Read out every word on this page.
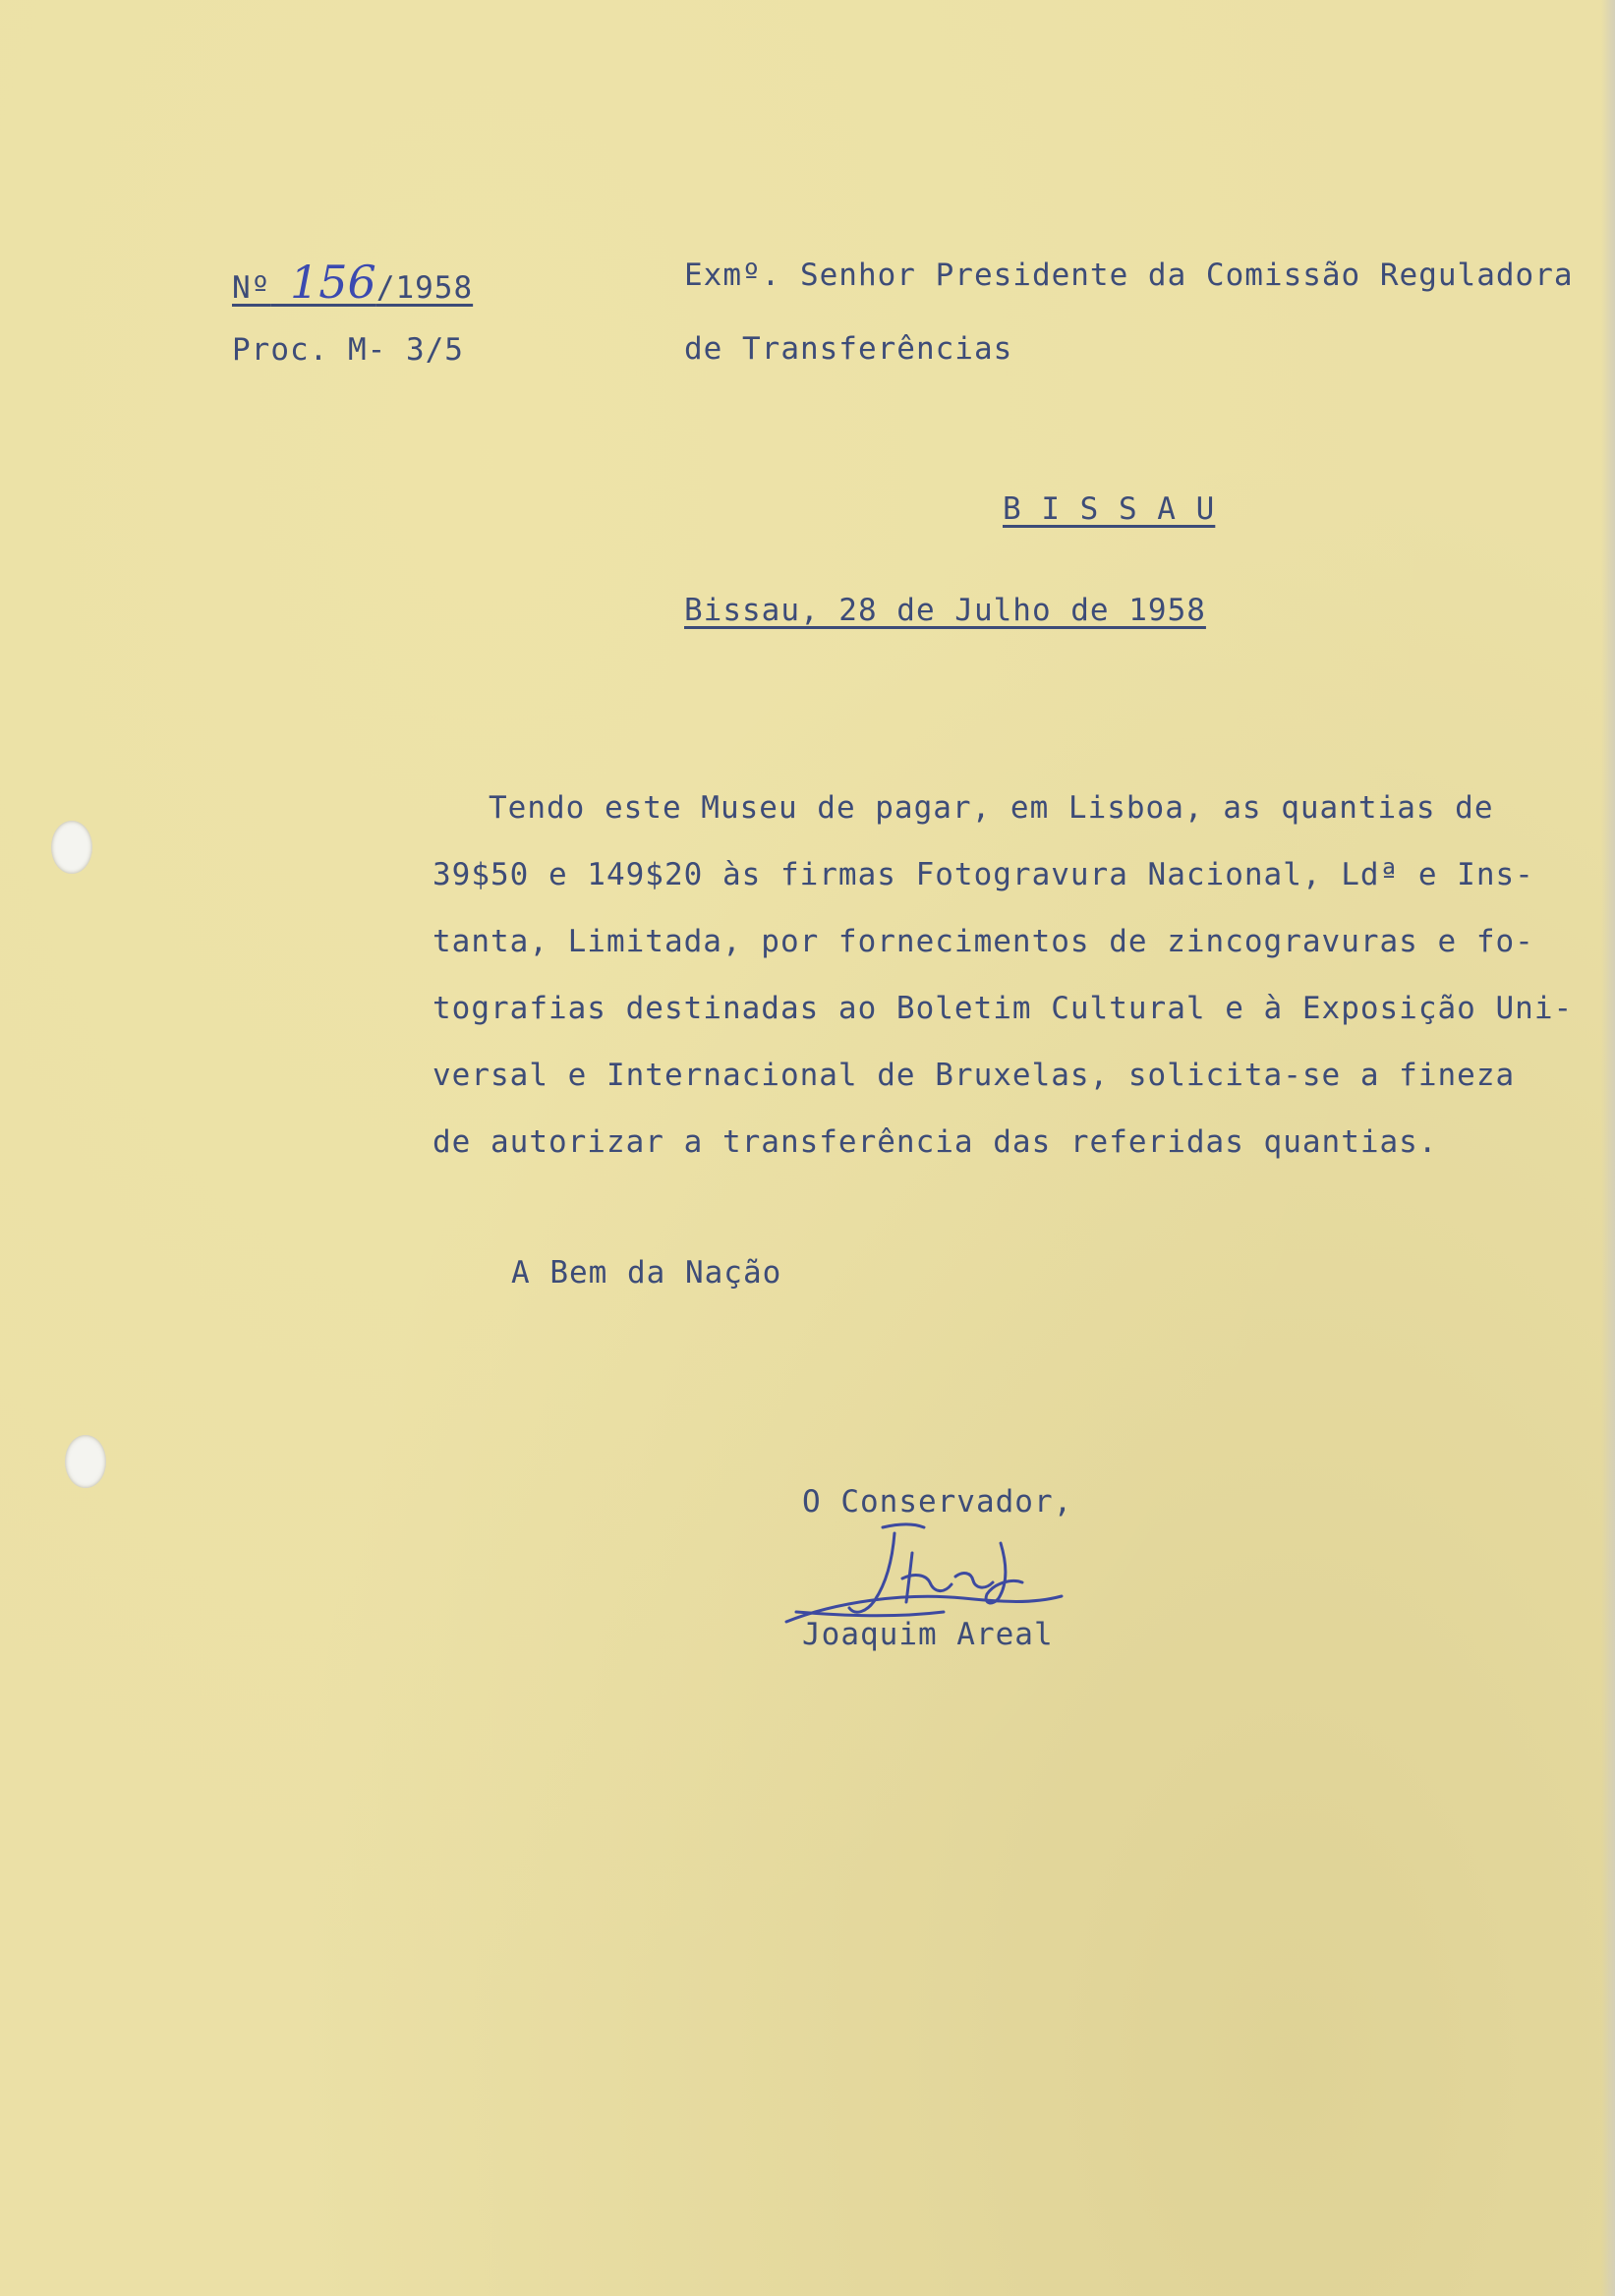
Nº 156/1958
Proc. M- 3/5
Exmº. Senhor Presidente da Comissão Reguladora
de Transferências
B I S S A U
Bissau, 28 de Julho de 1958
Tendo este Museu de pagar, em Lisboa, as quantias de
39$50 e 149$20 às firmas Fotogravura Nacional, Ldª e Ins-
tanta, Limitada, por fornecimentos de zincogravuras e fo-
tografias destinadas ao Boletim Cultural e à Exposição Uni-
versal e Internacional de Bruxelas, solicita-se a fineza
de autorizar a transferência das referidas quantias.
A Bem da Nação
O Conservador,
Joaquim Areal
